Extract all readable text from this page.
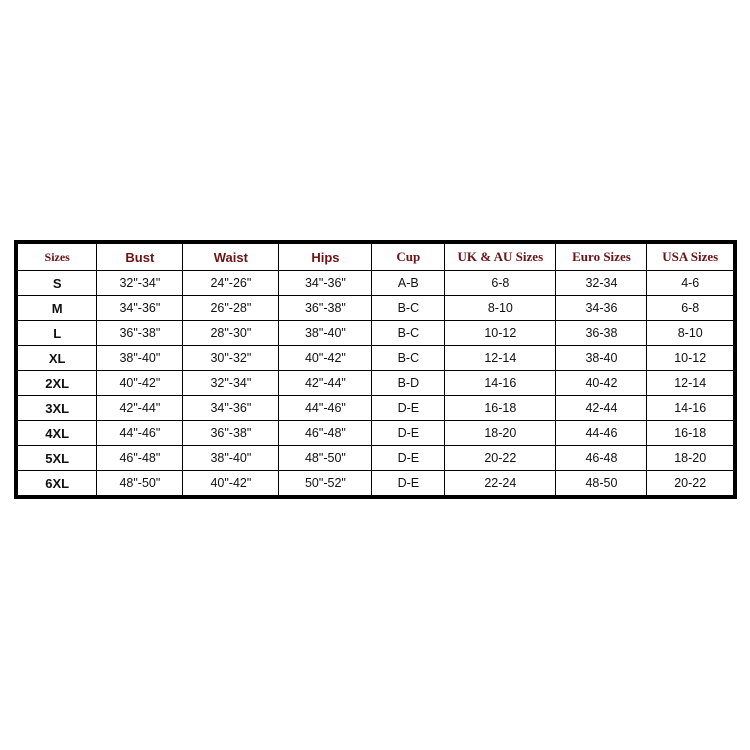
Sizes	Bust	Waist	Hips	Cup	UK & AU Sizes	Euro Sizes	USA Sizes
S	32"-34"	24"-26"	34"-36"	A-B	6-8	32-34	4-6
M	34"-36"	26"-28"	36"-38"	B-C	8-10	34-36	6-8
L	36"-38"	28"-30"	38"-40"	B-C	10-12	36-38	8-10
XL	38"-40"	30"-32"	40"-42"	B-C	12-14	38-40	10-12
2XL	40"-42"	32"-34"	42"-44"	B-D	14-16	40-42	12-14
3XL	42"-44"	34"-36"	44"-46"	D-E	16-18	42-44	14-16
4XL	44"-46"	36"-38"	46"-48"	D-E	18-20	44-46	16-18
5XL	46"-48"	38"-40"	48"-50"	D-E	20-22	46-48	18-20
6XL	48"-50"	40"-42"	50"-52"	D-E	22-24	48-50	20-22
